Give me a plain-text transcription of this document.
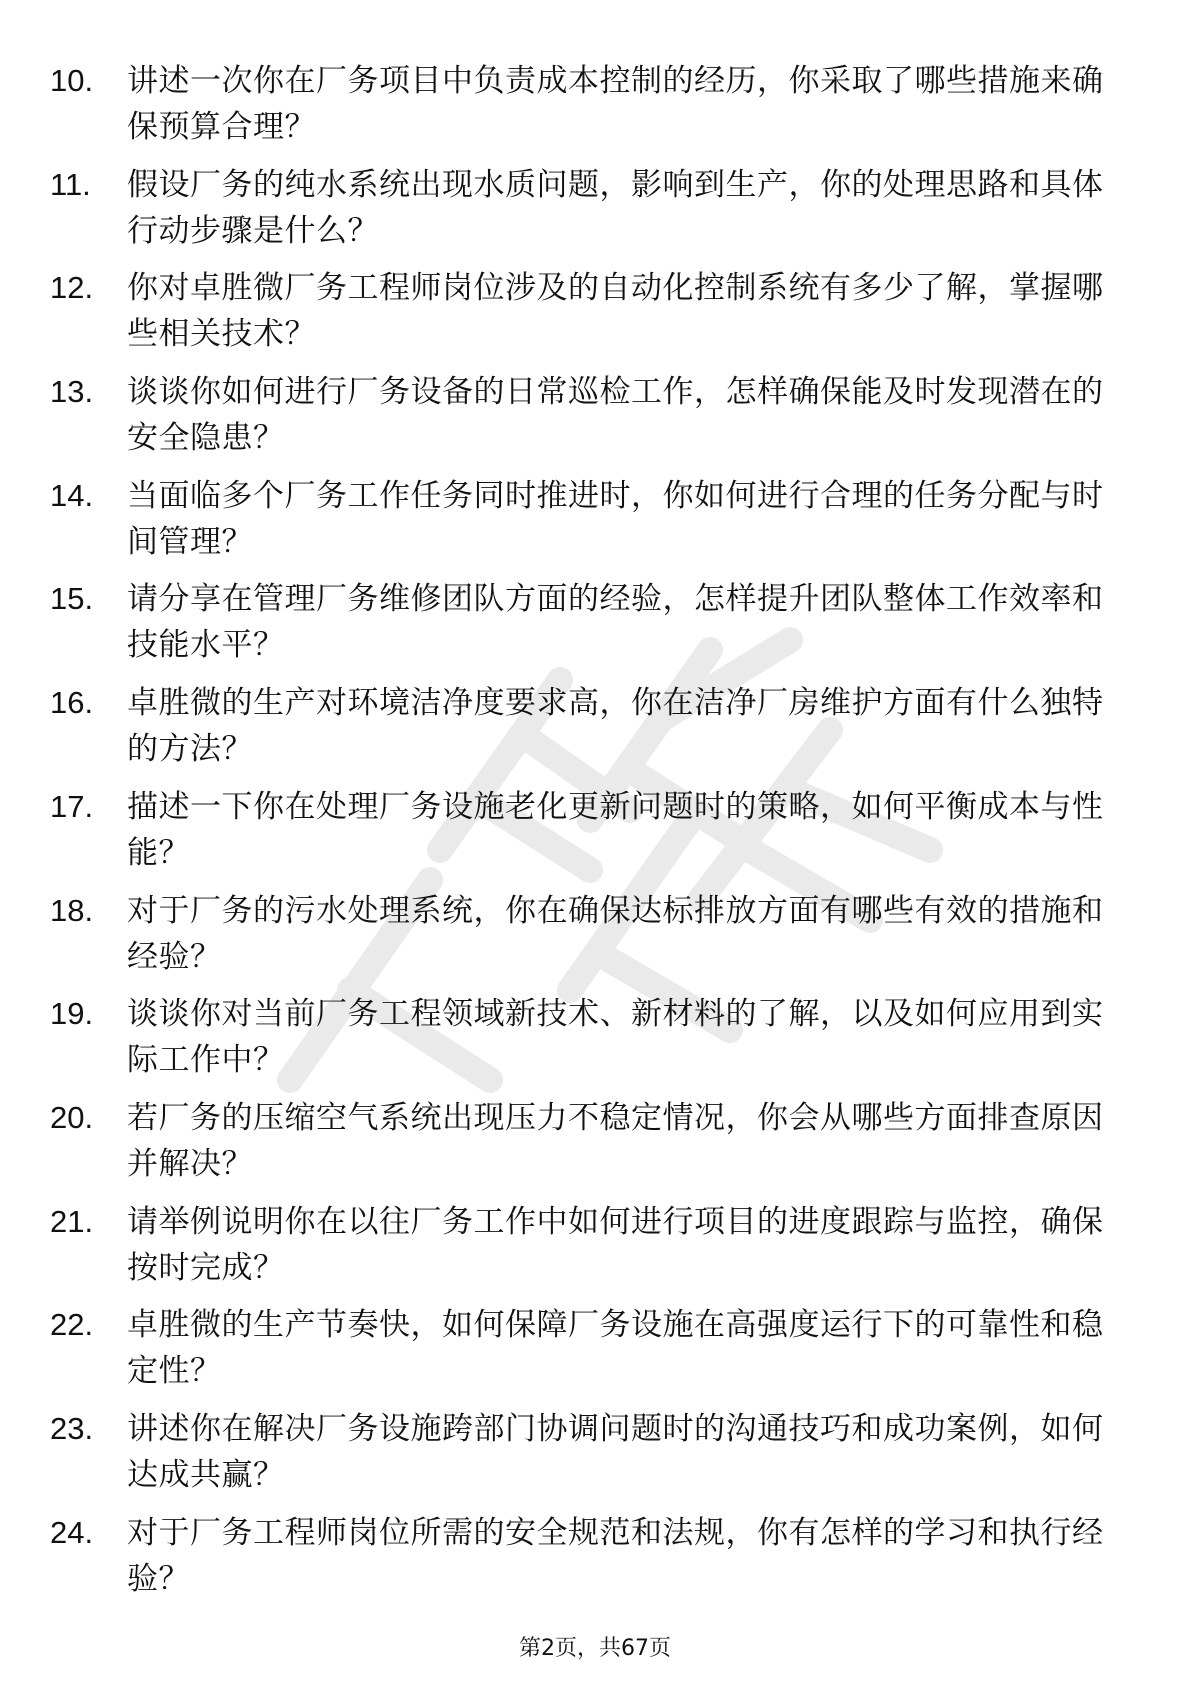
10.	讲述一次你在厂务项目中负责成本控制的经历，你采取了哪些措施来确保预算合理？
11.	假设厂务的纯水系统出现水质问题，影响到生产，你的处理思路和具体行动步骤是什么？
12.	你对卓胜微厂务工程师岗位涉及的自动化控制系统有多少了解，掌握哪些相关技术？
13.	谈谈你如何进行厂务设备的日常巡检工作，怎样确保能及时发现潜在的安全隐患？
14.	当面临多个厂务工作任务同时推进时，你如何进行合理的任务分配与时间管理？
15.	请分享在管理厂务维修团队方面的经验，怎样提升团队整体工作效率和技能水平？
16.	卓胜微的生产对环境洁净度要求高，你在洁净厂房维护方面有什么独特的方法？
17.	描述一下你在处理厂务设施老化更新问题时的策略，如何平衡成本与性能？
18.	对于厂务的污水处理系统，你在确保达标排放方面有哪些有效的措施和经验？
19.	谈谈你对当前厂务工程领域新技术、新材料的了解，以及如何应用到实际工作中？
20.	若厂务的压缩空气系统出现压力不稳定情况，你会从哪些方面排查原因并解决？
21.	请举例说明你在以往厂务工作中如何进行项目的进度跟踪与监控，确保按时完成？
22.	卓胜微的生产节奏快，如何保障厂务设施在高强度运行下的可靠性和稳定性？
23.	讲述你在解决厂务设施跨部门协调问题时的沟通技巧和成功案例，如何达成共赢？
24.	对于厂务工程师岗位所需的安全规范和法规，你有怎样的学习和执行经验？
第2页，共67页
